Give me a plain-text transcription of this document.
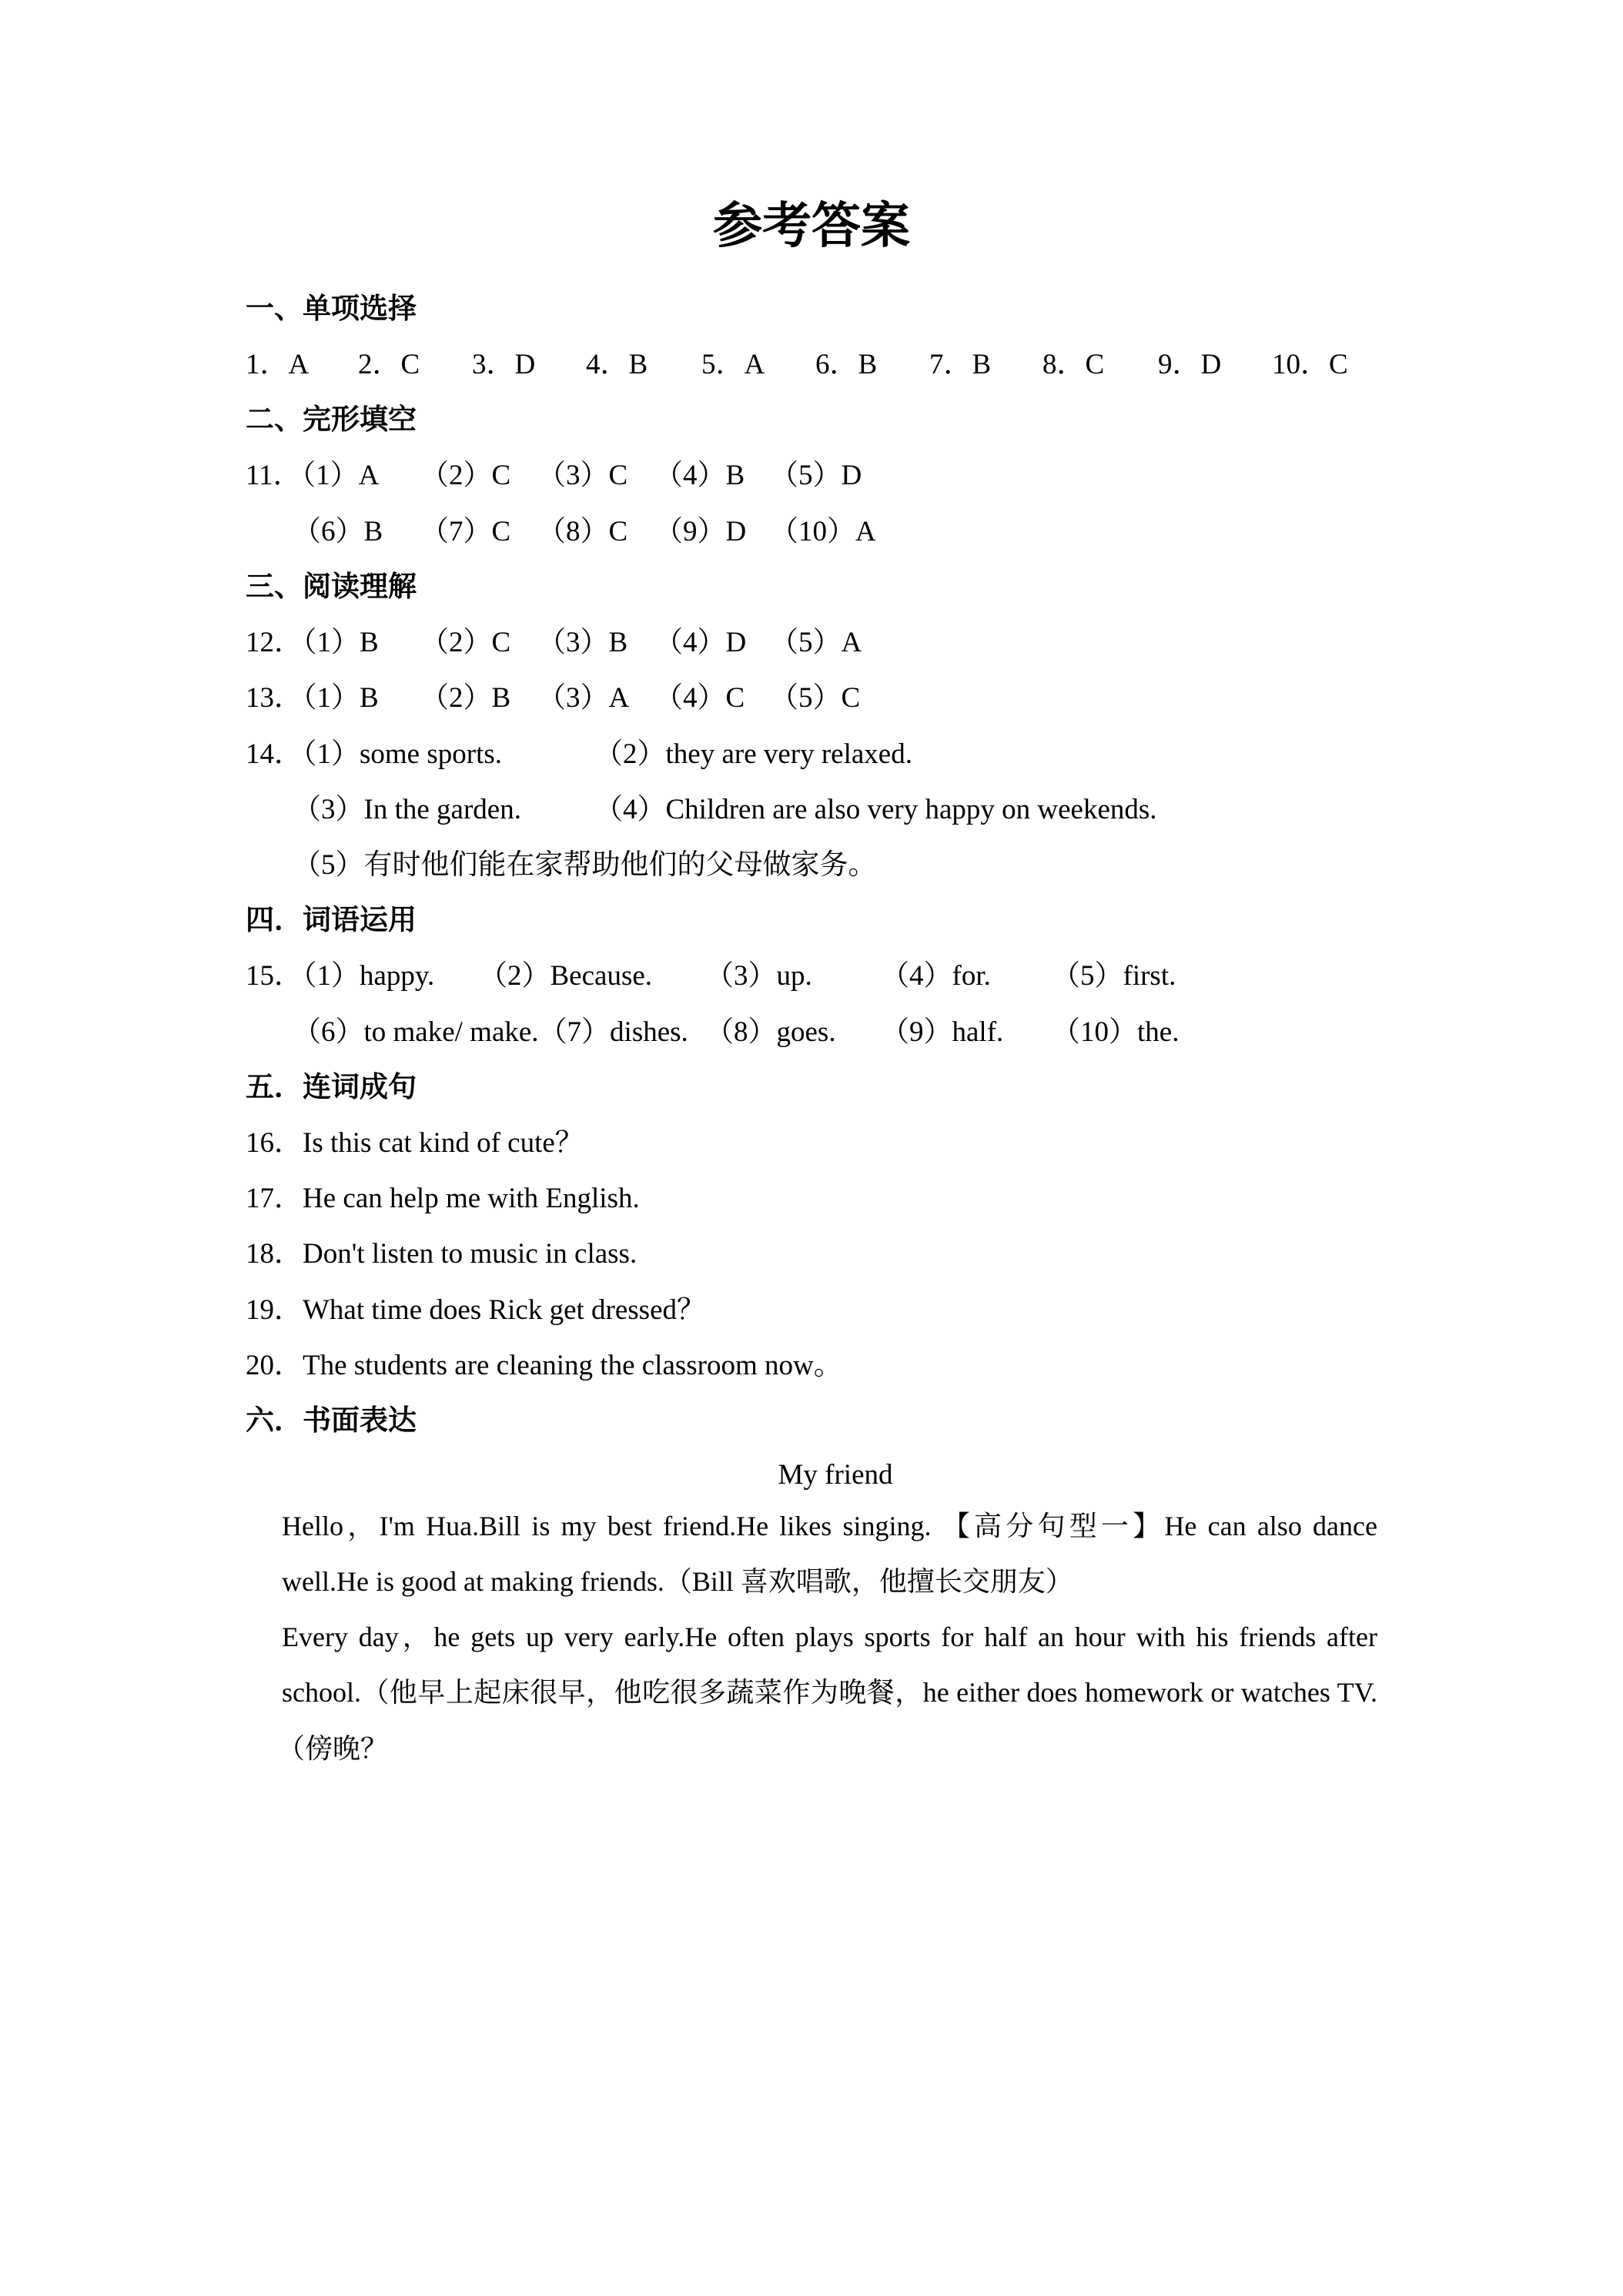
参考答案
一、单项选择
1．A 2．C 3．D 4．B 5．A 6．B 7．B 8．C 9．D 10．C
二、完形填空
11．（1）A （2）C （3）C （4）B （5）D
（6）B （7）C （8）C （9）D （10）A
三、阅读理解
12．（1）B （2）C （3）B （4）D （5）A
13．（1）B （2）B （3）A （4）C （5）C
14．（1）some sports.	（2）they are very relaxed.
（3）In the garden.	（4）Children are also very happy on weekends.
（5）有时他们能在家帮助他们的父母做家务。
四．词语运用
15．（1）happy. （2）Because. （3）up. （4）for. （5）first.
（6）to make/ make.（7）dishes. （8）goes. （9）half. （10）the.
五．连词成句
16．Is this cat kind of cute？
17．He can help me with English.
18．Don't listen to music in class.
19．What time does Rick get dressed？
20．The students are cleaning the classroom now。
六．书面表达
My friend
Hello，I'm Hua.Bill is my best friend.He likes singing. 【高分句型一】He can also dance
well.He is good at making friends.（Bill 喜欢唱歌，他擅长交朋友）
Every day，he gets up very early.He often plays sports for half an hour with his friends after
school.（他早上起床很早，他吃很多蔬菜作为晚餐，he either does homework or watches TV.
（傍晚？
